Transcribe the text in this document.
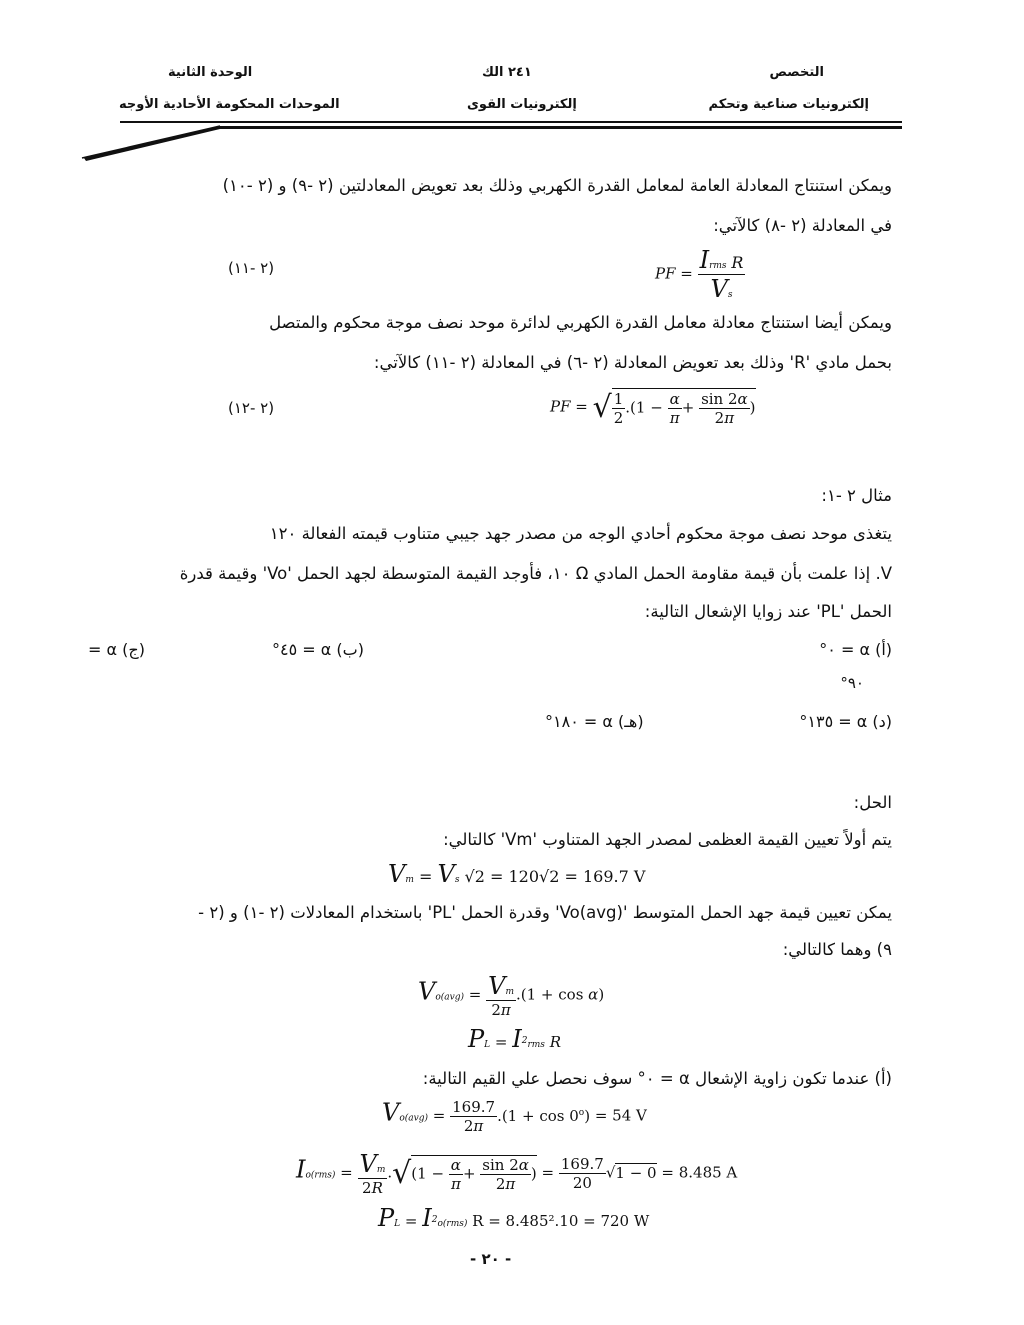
التخصص
إلكترونيات صناعية وتحكم
٢٤١ الك
إلكترونيات القوى
الوحدة الثانية
الموحدات المحكومة الأحادية الأوجه
ويمكن استنتاج المعادلة العامة لمعامل القدرة الكهربي وذلك بعد تعويض المعادلتين (٢ -٩) و (٢ -١٠)
في المعادلة (٢ -٨) كالآتي:
PF = $\frac{\text{Irms R}}{Vs}$
(٢ -١١)
ويمكن أيضا استنتاج معادلة معامل القدرة الكهربي لدائرة موحد نصف موجة محكوم والمتصل
بحمل مادي 'R' وذلك بعد تعويض المعادلة (٢ -٦) في المعادلة (٢ -١١) كالآتي:
PF = √ $\frac{1}{2} .(1 - \frac{\alpha}{\pi} + \frac{\sin 2\alpha}{2\pi}$ )
(٢ -١٢)
مثال ٢ -١:
يتغذى موحد نصف موجة محكوم أحادي الوجه من مصدر جهد جيبي متناوب قيمته الفعالة ١٢٠
V. إذا علمت بأن قيمة مقاومة الحمل المادي Ω ١٠، فأوجد القيمة المتوسطة لجهد الحمل 'Vo' وقيمة قدرة
الحمل 'PL' عند زوايا الإشعال التالية:
(أ) α = ٠°
(ب) α = ٤٥°
(ج) α =
٩٠°
(د) α = ١٣٥°
(هـ) α = ١٨٠°
الحل:
يتم أولاً تعيين القيمة العظمى لمصدر الجهد المتناوب 'Vm' كالتالي:
Vm = Vs √2 = 120√2 = 169.7 V
يمكن تعيين قيمة جهد الحمل المتوسط 'Vo(avg)' وقدرة الحمل 'PL' باستخدام المعادلات (٢ -١) و (٢ -
٩) وهما كالتالي:
$Vo(avg) = \frac{Vm}{2\pi} .(1 + \cos \alpha)$
PL = $I^2rms$ R
(أ) عندما تكون زاوية الإشعال α = ٠° سوف نحصل علي القيم التالية:
$Vo(avg) = \frac{169.7}{2\pi} .(1 + \cos 0^o) = 54$ V
$Io(rms) = \frac{Vm}{2R} .√(1 - \frac{\alpha}{\pi} + \frac{\sin 2\alpha}{2\pi}$ ) = $\frac{169.7}{20} √1 - 0 = 8.485$ A
PL = $I^2o(rms) R = 8.485^2.10 = 720$ W
- ٢٠ -
